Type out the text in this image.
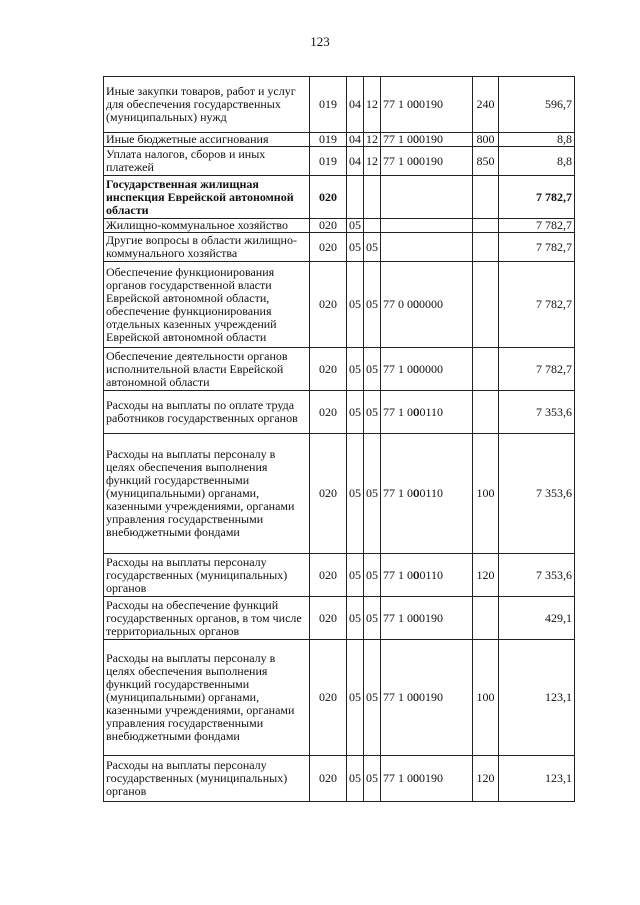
123
Иные закупки товаров, работ и услуг для обеспечения государственных (муниципальных) нужд	019	04	12	77 1 0000190	240	596,7
Иные бюджетные ассигнования	019	04	12	77 1 0000190	800	8,8
Уплата налогов, сборов и иных платежей	019	04	12	77 1 0000190	850	8,8
Государственная жилищная инспекция Еврейской автономной области	020					7 782,7
Жилищно-коммунальное хозяйство	020	05				7 782,7
Другие вопросы в области жилищно-коммунального хозяйства	020	05	05			7 782,7
Обеспечение функционирования органов государственной власти Еврейской автономной области, обеспечение функционирования отдельных казенных учреждений Еврейской автономной области	020	05	05	77 0 0000000		7 782,7
Обеспечение деятельности органов исполнительной власти Еврейской автономной области	020	05	05	77 1 0000000		7 782,7
Расходы на выплаты по оплате труда работников государственных органов	020	05	05	77 1 0000110		7 353,6
Расходы на выплаты персоналу в целях обеспечения выполнения функций государственными (муниципальными) органами, казенными учреждениями, органами управления государственными внебюджетными фондами	020	05	05	77 1 0000110	100	7 353,6
Расходы на выплаты персоналу государственных (муниципальных) органов	020	05	05	77 1 0000110	120	7 353,6
Расходы на обеспечение функций государственных органов, в том числе территориальных органов	020	05	05	77 1 0000190		429,1
Расходы на выплаты персоналу в целях обеспечения выполнения функций государственными (муниципальными) органами, казенными учреждениями, органами управления государственными внебюджетными фондами	020	05	05	77 1 0000190	100	123,1
Расходы на выплаты персоналу государственных (муниципальных) органов	020	05	05	77 1 0000190	120	123,1
